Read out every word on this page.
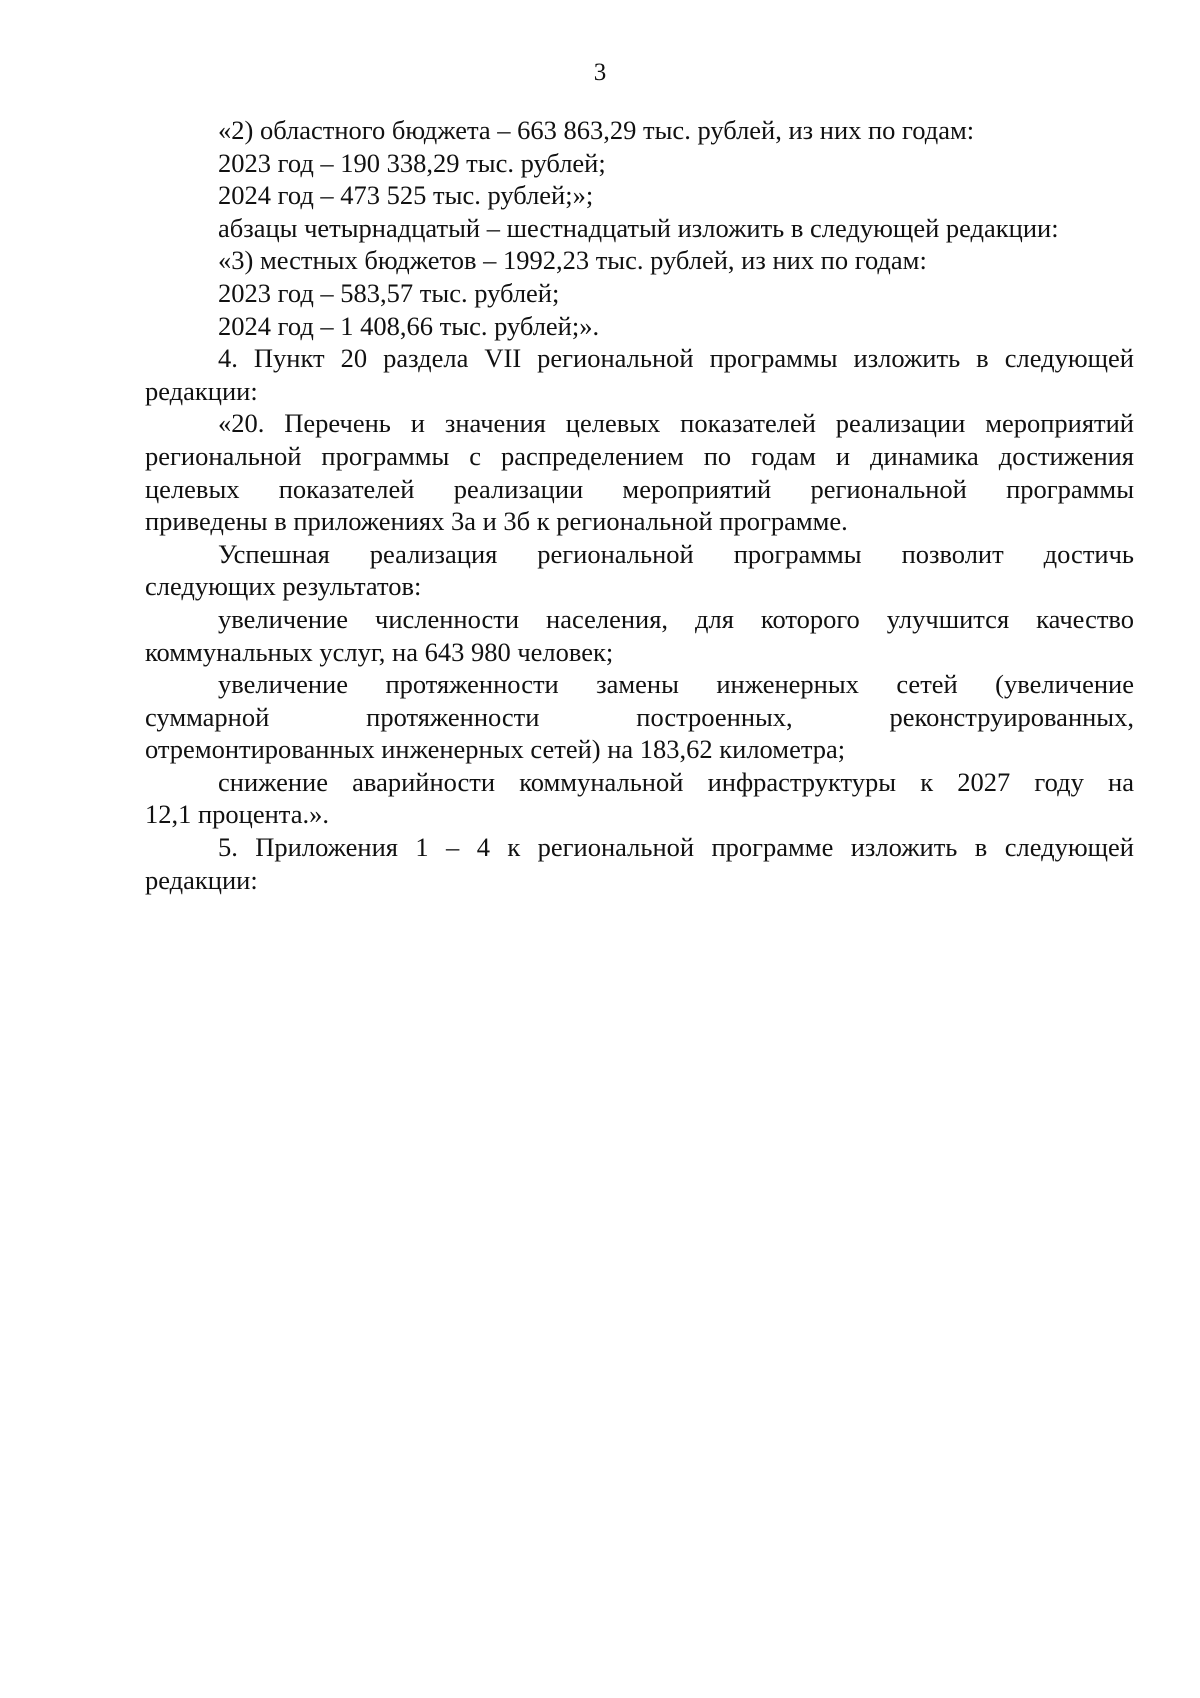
3
«2) областного бюджета – 663 863,29 тыс. рублей, из них по годам:
2023 год – 190 338,29 тыс. рублей;
2024 год – 473 525 тыс. рублей;»;
абзацы четырнадцатый – шестнадцатый изложить в следующей редакции:
«3) местных бюджетов – 1992,23 тыс. рублей, из них по годам:
2023 год – 583,57 тыс. рублей;
2024 год – 1 408,66 тыс. рублей;».
4. Пункт 20 раздела VII региональной программы изложить в следующей
редакции:
«20. Перечень и значения целевых показателей реализации мероприятий
региональной программы с распределением по годам и динамика достижения
целевых показателей реализации мероприятий региональной программы
приведены в приложениях 3а и 3б к региональной программе.
Успешная реализация региональной программы позволит достичь
следующих результатов:
увеличение численности населения, для которого улучшится качество
коммунальных услуг, на 643 980 человек;
увеличение протяженности замены инженерных сетей (увеличение
суммарной протяженности построенных, реконструированных,
отремонтированных инженерных сетей) на 183,62 километра;
снижение аварийности коммунальной инфраструктуры к 2027 году на
12,1 процента.».
5. Приложения 1 – 4 к региональной программе изложить в следующей
редакции:
